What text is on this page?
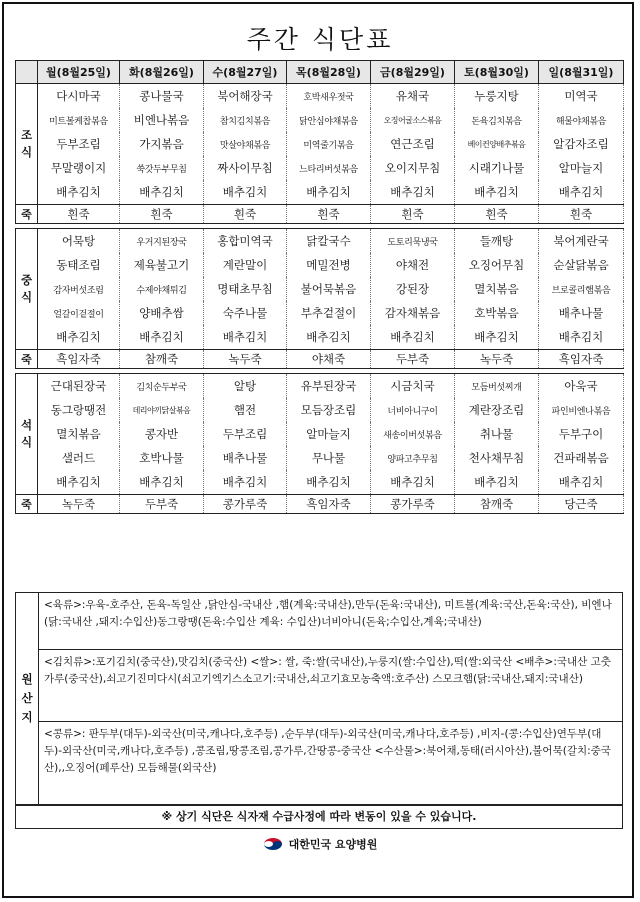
주간 식단표
	월(8월25일)	화(8월26일)	수(8월27일)	목(8월28일)	금(8월29일)	토(8월30일)	일(8월31일)

조
식	다시마국	콩나물국	북어해장국	호박새우젓국	유채국	누룽지탕	미역국
	미트볼케찹볶음	비엔나볶음	참치김치볶음	닭안심야채볶음	오징어굴소스볶음	돈육김치볶음	해물야채볶음
	두부조림	가지볶음	맛살야채볶음	미역줄기볶음	연근조림	베이컨양배추볶음	알감자조림
	무말랭이지	쑥갓두부무침	짜사이무침	느타리버섯볶음	오이지무침	시래기나물	알마늘지
	배추김치	배추김치	배추김치	배추김치	배추김치	배추김치	배추김치
죽	흰죽	흰죽	흰죽	흰죽	흰죽	흰죽	흰죽

중
식	어묵탕	우거지된장국	홍합미역국	닭칼국수	도토리묵냉국	들깨탕	북어계란국
	동태조림	제육불고기	계란말이	메밀전병	야채전	오징어무침	순살닭볶음
	감자버섯조림	수제야채튀김	명태초무침	불어묵볶음	강된장	멸치볶음	브로콜리햄볶음
	얼갈이겉절이	양배추쌈	숙주나물	부추겉절이	감자채볶음	호박볶음	배추나물
	배추김치	배추김치	배추김치	배추김치	배추김치	배추김치	배추김치
죽	흑임자죽	참깨죽	녹두죽	야채죽	두부죽	녹두죽	흑임자죽

석
식	근대된장국	김치순두부국	알탕	유부된장국	시금치국	모듬버섯찌개	아욱국
	동그랑땡전	데리야끼닭살볶음	햄전	모듬장조림	너비아니구이	계란장조림	파인비엔나볶음
	멸치볶음	콩자반	두부조림	알마늘지	새송이버섯볶음	취나물	두부구이
	샐러드	호박나물	배추나물	무나물	양파고추무침	천사채무침	건파래볶음
	배추김치	배추김치	배추김치	배추김치	배추김치	배추김치	배추김치
죽	녹두죽	두부죽	콩가루죽	흑임자죽	콩가루죽	참깨죽	당근죽
원
산
지
<육류>:우육-호주산, 돈육-독일산 ,닭안심-국내산 ,햄(계육:국내산),만두(돈육:국내산), 미트볼(계육:국산,돈육:국산), 비엔나(닭:국내산 ,돼지:수입산)동그랑땡(돈육:수입산 계육: 수입산)너비아니(돈육;수입산,계육;국내산)
<김치류>:포기김치(중국산),맛김치(중국산) <쌀>: 쌀, 죽:쌀(국내산),누룽지(쌀:수입산),떡(쌀:외국산 <배추>:국내산 고춧가루(중국산),쇠고기진미다시(쇠고기엑기스소고기:국내산,쇠고기효모농축액:호주산) 스모크햄(닭:국내산,돼지:국내산)
<콩류>: 판두부(대두)-외국산(미국,캐나다,호주등) ,순두부(대두)-외국산(미국,캐나다,호주등) ,비지-(콩:수입산)연두부(대두)-외국산(미국,캐나다,호주등) ,콩조림,땅콩조림,콩가루,간땅콩-중국산 <수산물>:북어채,동태(러시아산),불어묵(갈치:중국산),,오징어(페루산) 모듬해물(외국산)
※ 상기 식단은 식자재 수급사정에 따라 변동이 있을 수 있습니다.
대한민국 요양병원
